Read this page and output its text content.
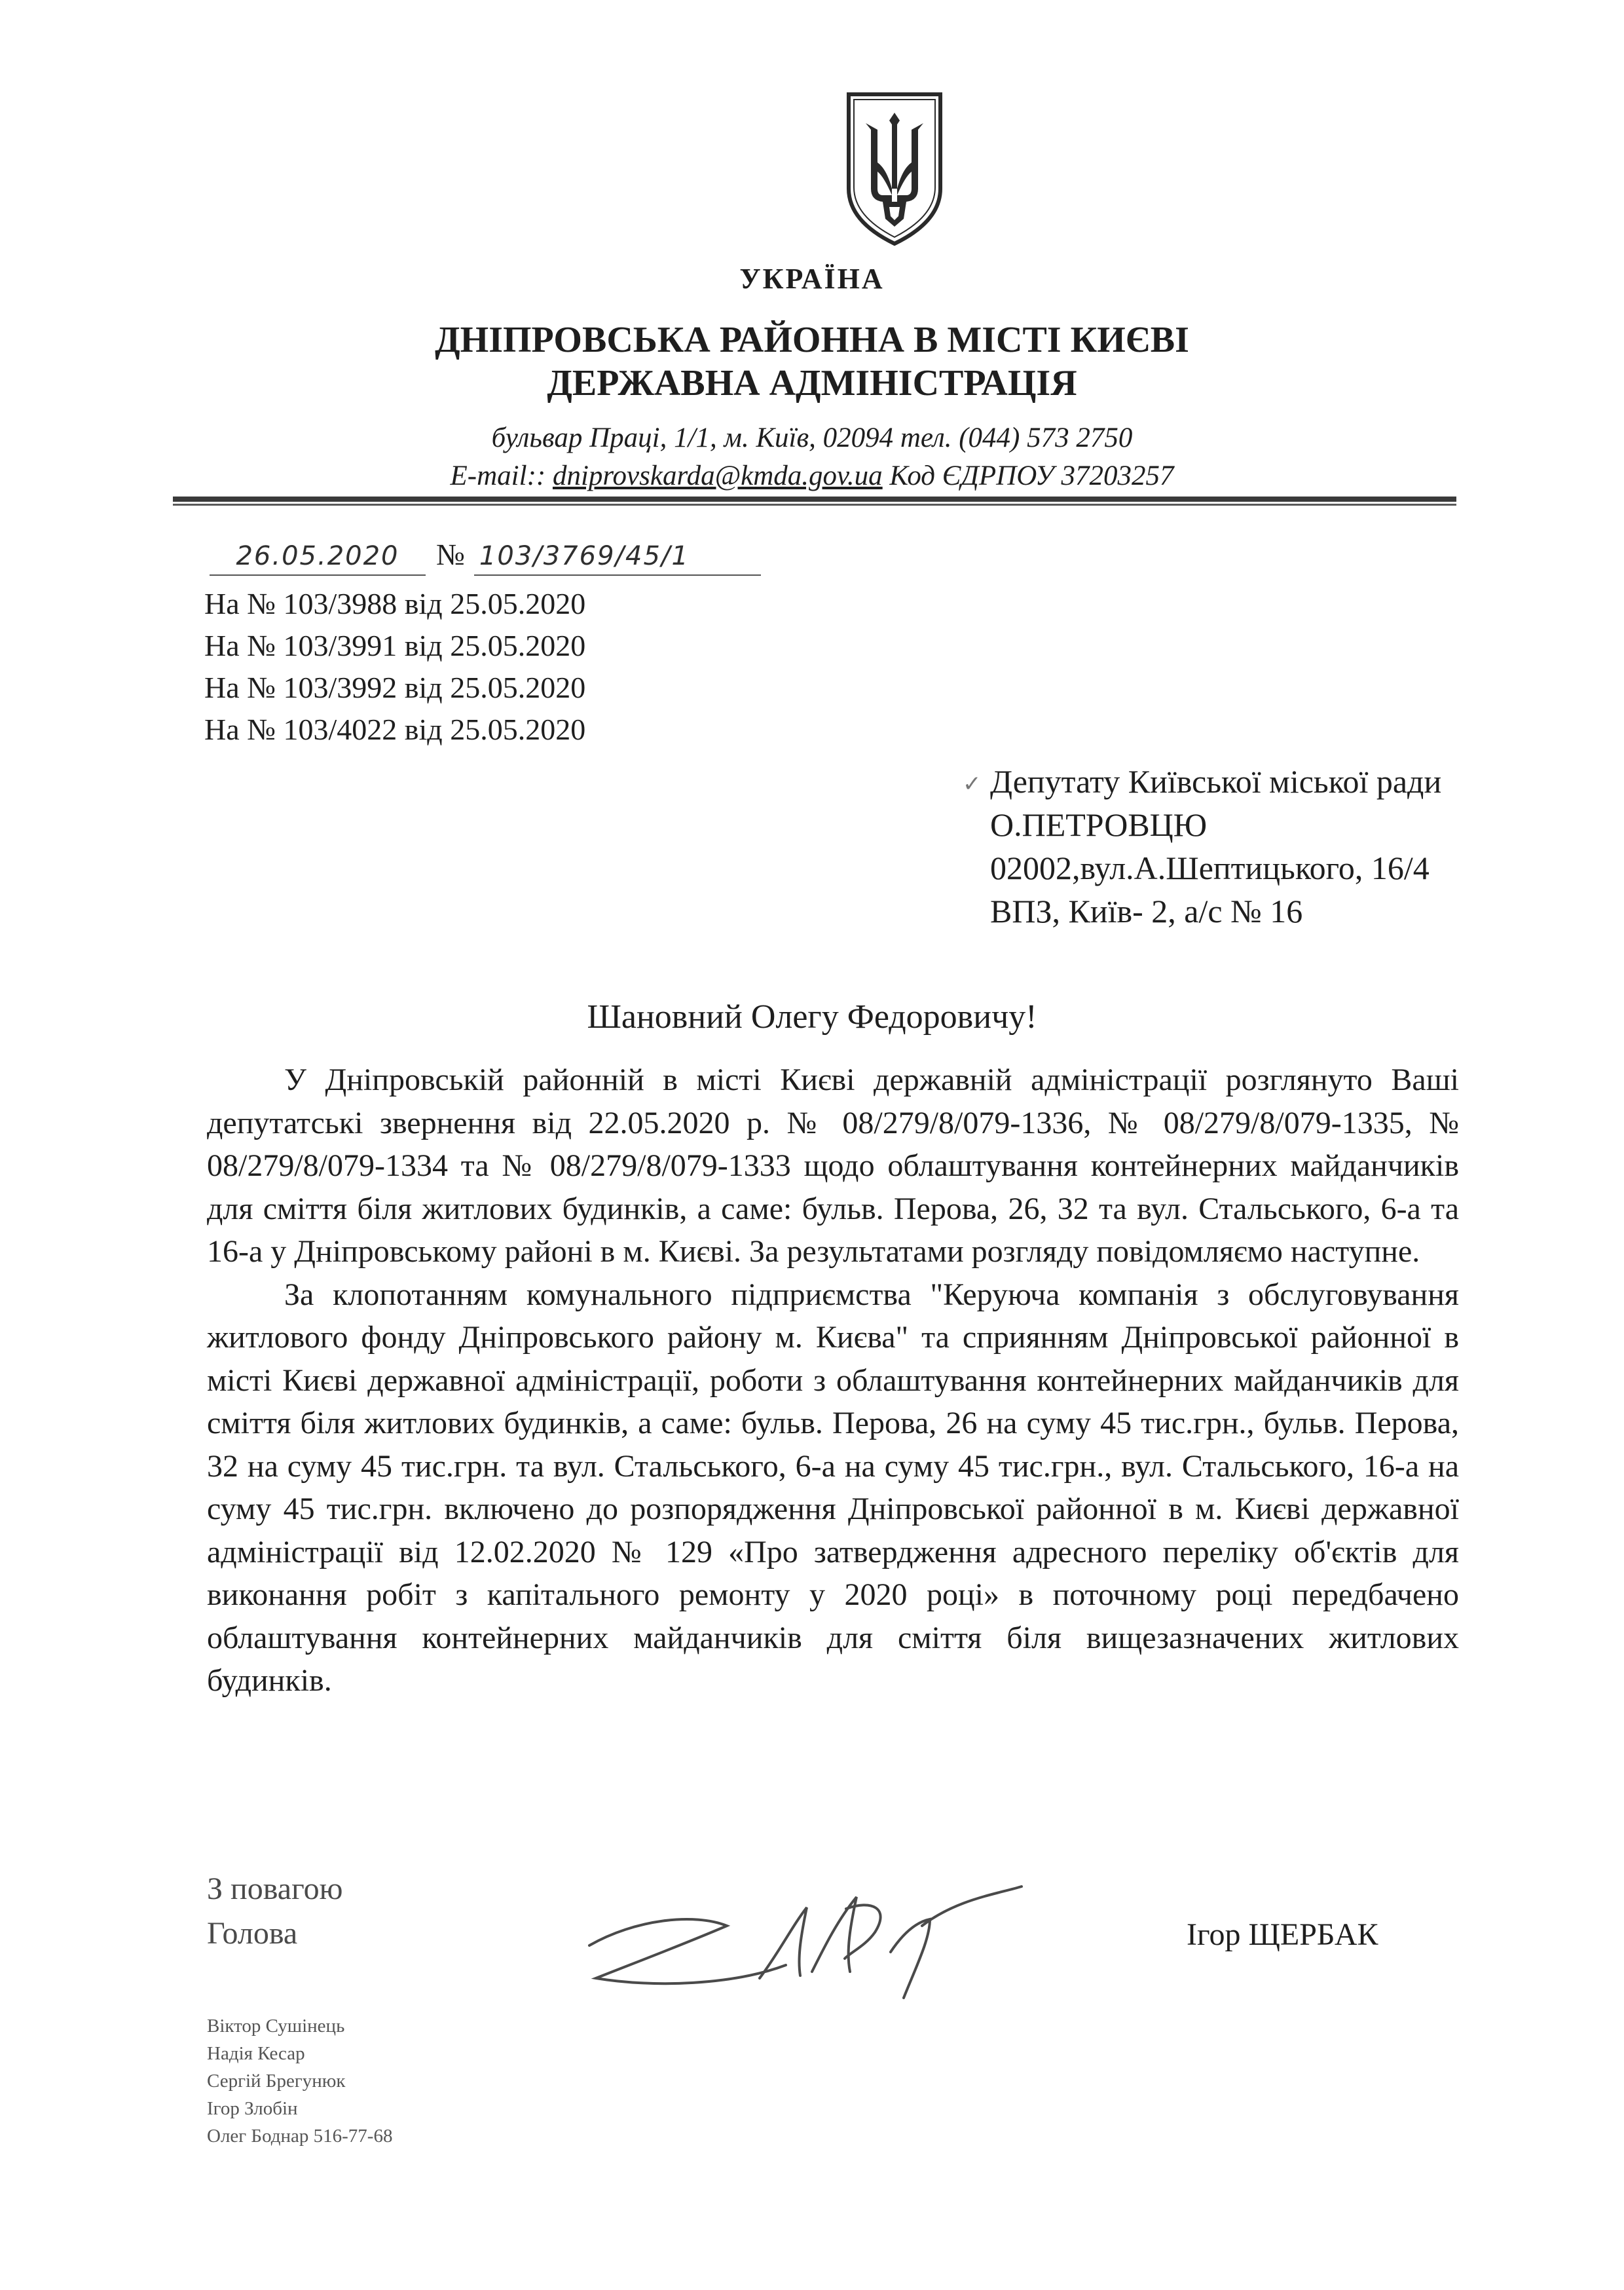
УКРАЇНА
ДНІПРОВСЬКА РАЙОННА В МІСТІ КИЄВІ
ДЕРЖАВНА АДМІНІСТРАЦІЯ
бульвар Праці, 1/1, м. Київ, 02094 тел. (044) 573 2750
E-mail:: dniprovskarda@kmda.gov.ua Код ЄДРПОУ 37203257
26.05.2020 № 103/3769/45/1
На № 103/3988 від 25.05.2020
На № 103/3991 від 25.05.2020
На № 103/3992 від 25.05.2020
На № 103/4022 від 25.05.2020
✓ Депутату Київської міської ради
О.ПЕТРОВЦЮ
02002,вул.А.Шептицького, 16/4
ВПЗ, Київ- 2, а/с № 16
Шановний Олегу Федоровичу!

У Дніпровській районній в місті Києві державній адміністрації розглянуто Ваші депутатські звернення від 22.05.2020 р. № 08/279/8/079-1336, № 08/279/8/079-1335, № 08/279/8/079-1334 та № 08/279/8/079-1333 щодо облаштування контейнерних майданчиків для сміття біля житлових будинків, а саме: бульв. Перова, 26, 32 та вул. Стальського, 6-а та 16-а у Дніпровському районі в м. Києві. За результатами розгляду повідомляємо наступне.

За клопотанням комунального підприємства "Керуюча компанія з обслуговування житлового фонду Дніпровського району м. Києва" та сприянням Дніпровської районної в місті Києві державної адміністрації, роботи з облаштування контейнерних майданчиків для сміття біля житлових будинків, а саме: бульв. Перова, 26 на суму 45 тис.грн., бульв. Перова, 32 на суму 45 тис.грн. та вул. Стальського, 6-а на суму 45 тис.грн., вул. Стальського, 16-а на суму 45 тис.грн. включено до розпорядження Дніпровської районної в м. Києві державної адміністрації від 12.02.2020 № 129 «Про затвердження адресного переліку об'єктів для виконання робіт з капітального ремонту у 2020 році» в поточному році передбачено облаштування контейнерних майданчиків для сміття біля вищезазначених житлових будинків.

З повагою
Голова	Ігор ЩЕРБАК
Віктор Сушінець
Надія Кесар
Сергій Брегунюк
Ігор Злобін
Олег Боднар 516-77-68
